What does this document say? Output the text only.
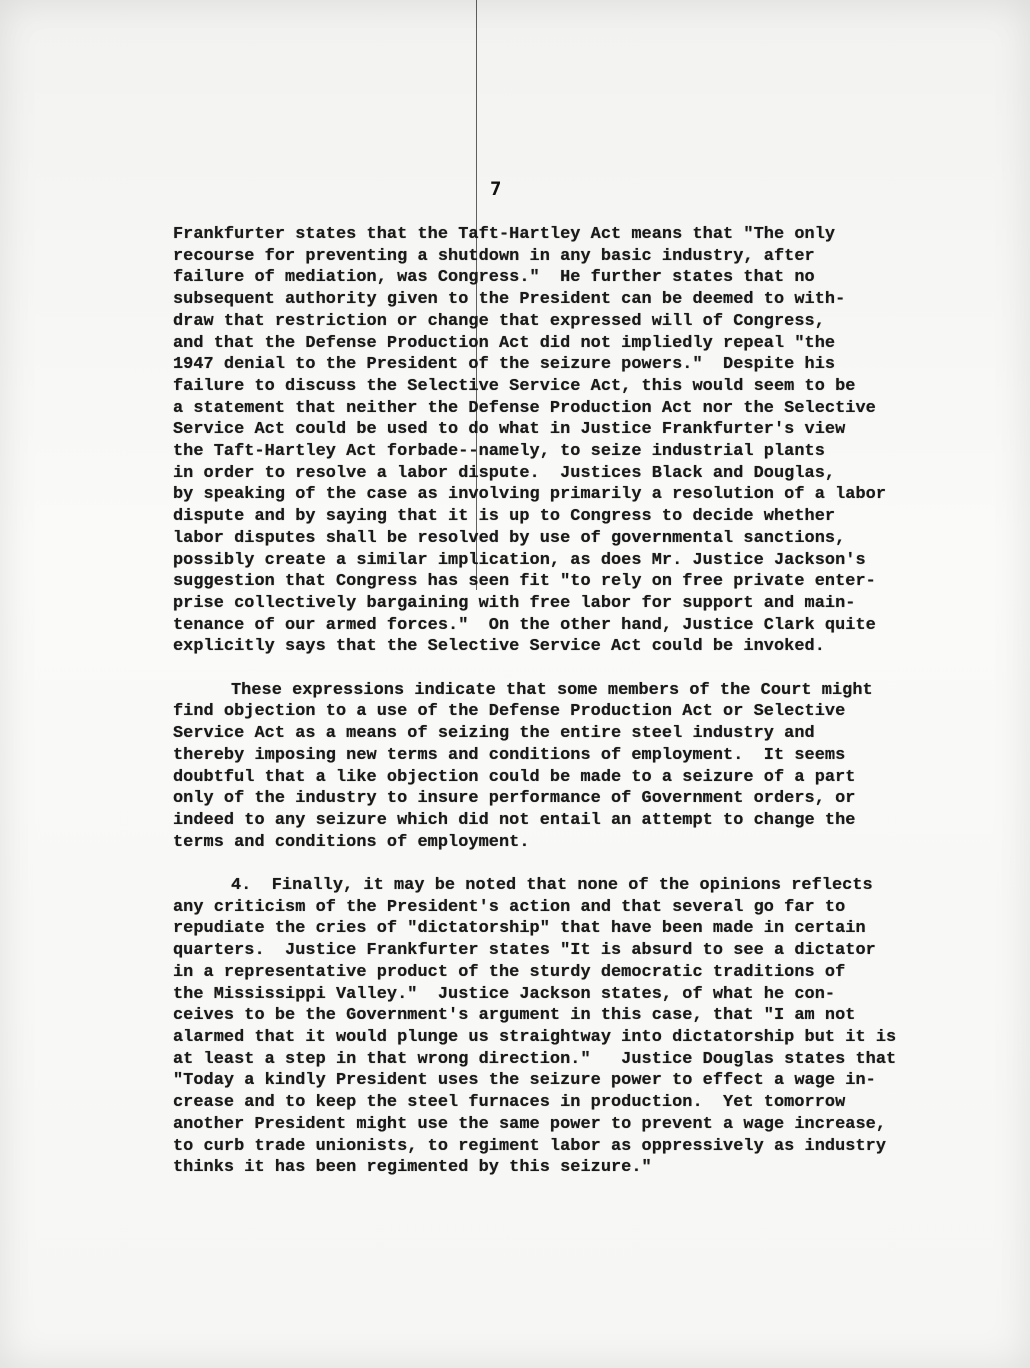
7
Frankfurter states that the Taft-Hartley Act means that "The only
recourse for preventing a shutdown in any basic industry, after
failure of mediation, was Congress."  He further states that no
subsequent authority given to the President can be deemed to with-
draw that restriction or change that expressed will of Congress,
and that the Defense Production Act did not impliedly repeal "the
1947 denial to the President of the seizure powers."  Despite his
failure to discuss the Selective Service Act, this would seem to be
a statement that neither the Defense Production Act nor the Selective
Service Act could be used to do what in Justice Frankfurter's view
the Taft-Hartley Act forbade--namely, to seize industrial plants
in order to resolve a labor dispute.  Justices Black and Douglas,
by speaking of the case as involving primarily a resolution of a labor
dispute and by saying that it is up to Congress to decide whether
labor disputes shall be resolved by use of governmental sanctions,
possibly create a similar implication, as does Mr. Justice Jackson's
suggestion that Congress has seen fit "to rely on free private enter-
prise collectively bargaining with free labor for support and main-
tenance of our armed forces."  On the other hand, Justice Clark quite
explicitly says that the Selective Service Act could be invoked.
These expressions indicate that some members of the Court might
find objection to a use of the Defense Production Act or Selective
Service Act as a means of seizing the entire steel industry and
thereby imposing new terms and conditions of employment.  It seems
doubtful that a like objection could be made to a seizure of a part
only of the industry to insure performance of Government orders, or
indeed to any seizure which did not entail an attempt to change the
terms and conditions of employment.
4.  Finally, it may be noted that none of the opinions reflects
any criticism of the President's action and that several go far to
repudiate the cries of "dictatorship" that have been made in certain
quarters.  Justice Frankfurter states "It is absurd to see a dictator
in a representative product of the sturdy democratic traditions of
the Mississippi Valley."  Justice Jackson states, of what he con-
ceives to be the Government's argument in this case, that "I am not
alarmed that it would plunge us straightway into dictatorship but it is
at least a step in that wrong direction."   Justice Douglas states that
"Today a kindly President uses the seizure power to effect a wage in-
crease and to keep the steel furnaces in production.  Yet tomorrow
another President might use the same power to prevent a wage increase,
to curb trade unionists, to regiment labor as oppressively as industry
thinks it has been regimented by this seizure."
